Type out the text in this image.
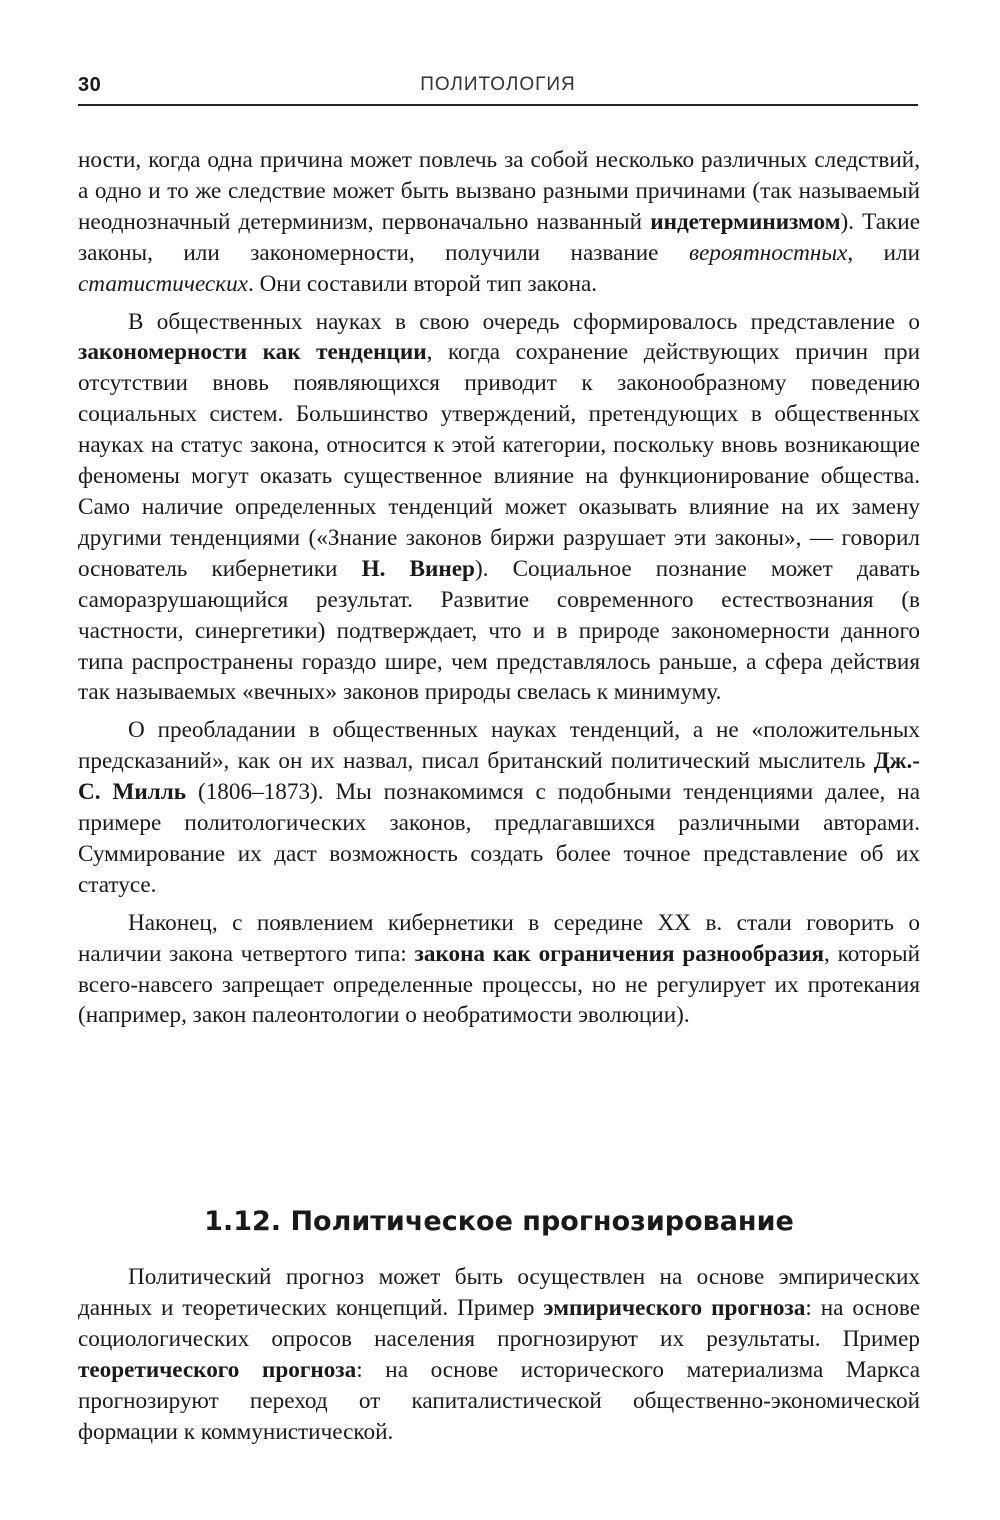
30	ПОЛИТОЛОГИЯ

ности, когда одна причина может повлечь за собой несколько различных следствий, а одно и то же следствие может быть вызвано разными причинами (так называемый неоднозначный детерминизм, первоначально названный индетерминизмом). Такие законы, или закономерности, получили название вероятностных, или статистических. Они составили второй тип закона.

В общественных науках в свою очередь сформировалось представление о закономерности как тенденции, когда сохранение действующих причин при отсутствии вновь появляющихся приводит к законообразному поведению социальных систем. Большинство утверждений, претендующих в общественных науках на статус закона, относится к этой категории, поскольку вновь возникающие феномены могут оказать существенное влияние на функционирование общества. Само наличие определенных тенденций может оказывать влияние на их замену другими тенденциями («Знание законов биржи разрушает эти законы», — говорил основатель кибернетики Н. Винер). Социальное познание может давать саморазрушающийся результат. Развитие современного естествознания (в частности, синергетики) подтверждает, что и в природе закономерности данного типа распространены гораздо шире, чем представлялось раньше, а сфера действия так называемых «вечных» законов природы свелась к минимуму.

О преобладании в общественных науках тенденций, а не «положительных предсказаний», как он их назвал, писал британский политический мыслитель Дж.-С. Милль (1806–1873). Мы познакомимся с подобными тенденциями далее, на примере политологических законов, предлагавшихся различными авторами. Суммирование их даст возможность создать более точное представление об их статусе.

Наконец, с появлением кибернетики в середине XX в. стали говорить о наличии закона четвертого типа: закона как ограничения разнообразия, который всего-навсего запрещает определенные процессы, но не регулирует их протекания (например, закон палеонтологии о необратимости эволюции).

1.12. Политическое прогнозирование

Политический прогноз может быть осуществлен на основе эмпирических данных и теоретических концепций. Пример эмпирического прогноза: на основе социологических опросов населения прогнозируют их результаты. Пример теоретического прогноза: на основе исторического материализма Маркса прогнозируют переход от капиталистической общественно-экономической формации к коммунистической.
